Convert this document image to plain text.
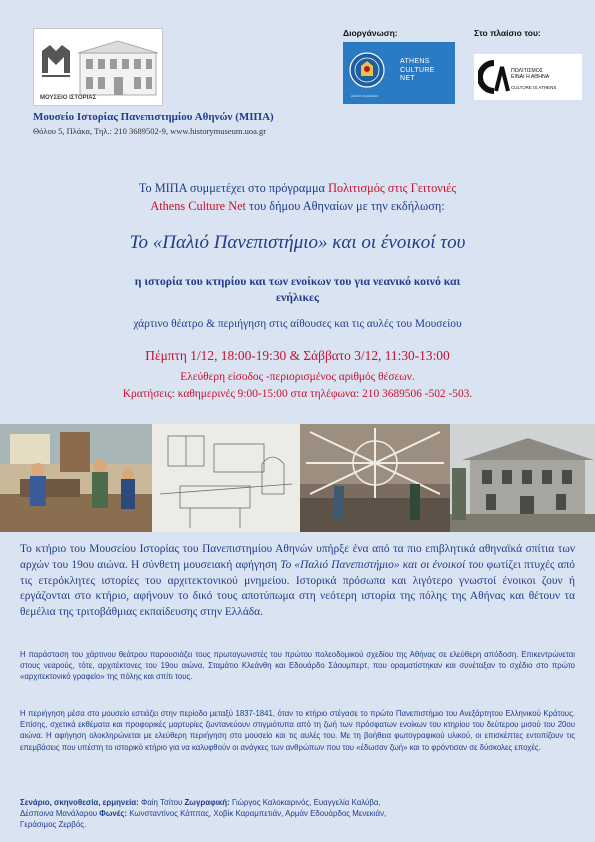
ΜΟΥΣΕΙΟ ΙΣΤΟΡΙΑΣ
Διοργάνωση:
ATHENS
CULTURE
NET
ΔΗΜΟΣ ΑΘΗΝΑΙΩΝ
Στο πλαίσιο του:
ΠΟΛΙΤΙΣΜΟΣ
ΕΙΝΑΙ Η ΑΘΗΝΑ
CULTURE IS ATHENS
Μουσείο Ιστορίας Πανεπιστημίου Αθηνών (ΜΙΠΑ)
Θόλου 5, Πλάκα, Τηλ.: 210 3689502-9, www.historymuseum.uoa.gr
Το ΜΙΠΑ συμμετέχει στο πρόγραμμα Πολιτισμός στις Γειτονιές
Athens Culture Net του δήμου Αθηναίων με την εκδήλωση:
Το «Παλιό Πανεπιστήμιο» και οι ένοικοί του
η ιστορία του κτηρίου και των ενοίκων του για νεανικό κοινό και
ενήλικες
χάρτινο θέατρο & περιήγηση στις αίθουσες και τις αυλές του Μουσείου
Πέμπτη 1/12, 18:00-19:30 & Σάββατο 3/12, 11:30-13:00
Ελεύθερη είσοδος -περιορισμένος αριθμός θέσεων.
Κρατήσεις: καθημερινές 9:00-15:00 στα τηλέφωνα: 210 3689506 -502 -503.
Το κτήριο του Μουσείου Ιστορίας του Πανεπιστημίου Αθηνών υπήρξε ένα από τα πιο επιβλητικά αθηναϊκά σπίτια των αρχών του 19ου αιώνα. Η σύνθετη μουσειακή αφήγηση Το «Παλιό Πανεπιστήμιο» και οι ένοικοί του φωτίζει πτυχές από τις ετερόκλητες ιστορίες του αρχιτεκτονικού μνημείου. Ιστορικά πρόσωπα και λιγότερο γνωστοί ένοικοι ζουν ή εργάζονται στο κτήριο, αφήνουν το δικό τους αποτύπωμα στη νεότερη ιστορία της πόλης της Αθήνας και θέτουν τα θεμέλια της τριτοβάθμιας εκπαίδευσης στην Ελλάδα.
Η παράσταση του χάρτινου θεάτρου παρουσιάζει τους πρωταγωνιστές του πρώτου πολεοδομικού σχεδίου της Αθήνας σε ελεύθερη απόδοση. Επικεντρώνεται στους νεαρούς, τότε, αρχιτέκτονες του 19ου αιώνα, Σταμάτιο Κλεάνθη και Εδουάρδο Σάουμπερτ, που οραματίστηκαν και συνέταξαν το σχέδιο στο πρώτο «αρχιτεκτονικό γραφείο» της πόλης και σπίτι τους.
Η περιήγηση μέσα στο μουσείο εστιάζει στην περίοδο μεταξύ 1837-1841, όταν το κτήριο στέγασε το πρώτο Πανεπιστήμιο του Ανεξάρτητου Ελληνικού Κράτους. Επίσης, σχετικά εκθέματα και προφορικές μαρτυρίες ζωντανεύουν στιγμιότυπα από τη ζωή των πρόσφατων ενοίκων του κτηρίου του δεύτερου μισού του 20ου αιώνα. Η αφήγηση ολοκληρώνεται με ελεύθερη περιήγηση στο μουσείο και τις αυλές του. Με τη βοήθεια φωτογραφικού υλικού, οι επισκέπτες εντοπίζουν τις επεμβάσεις που υπέστη το ιστορικό κτήριο για να καλυφθούν οι ανάγκες των ανθρώπων που του «έδωσαν ζωή» και το φρόντισαν σε δύσκολες εποχές.
Σενάριο, σκηνοθεσία, ερμηνεία: Φαίη Τσίτου Ζωγραφική: Γιώργος Καλοκαιρινός, Ευαγγελία Καλύβα,
Δέσποινα Μανάλαρου Φωνές: Κωνσταντίνος Κάππας, Χοβίκ Καραμπετιάν, Αρμάν Εδουάρδος Μενεκιάν,
Γεράσιμος Ζερβός.
